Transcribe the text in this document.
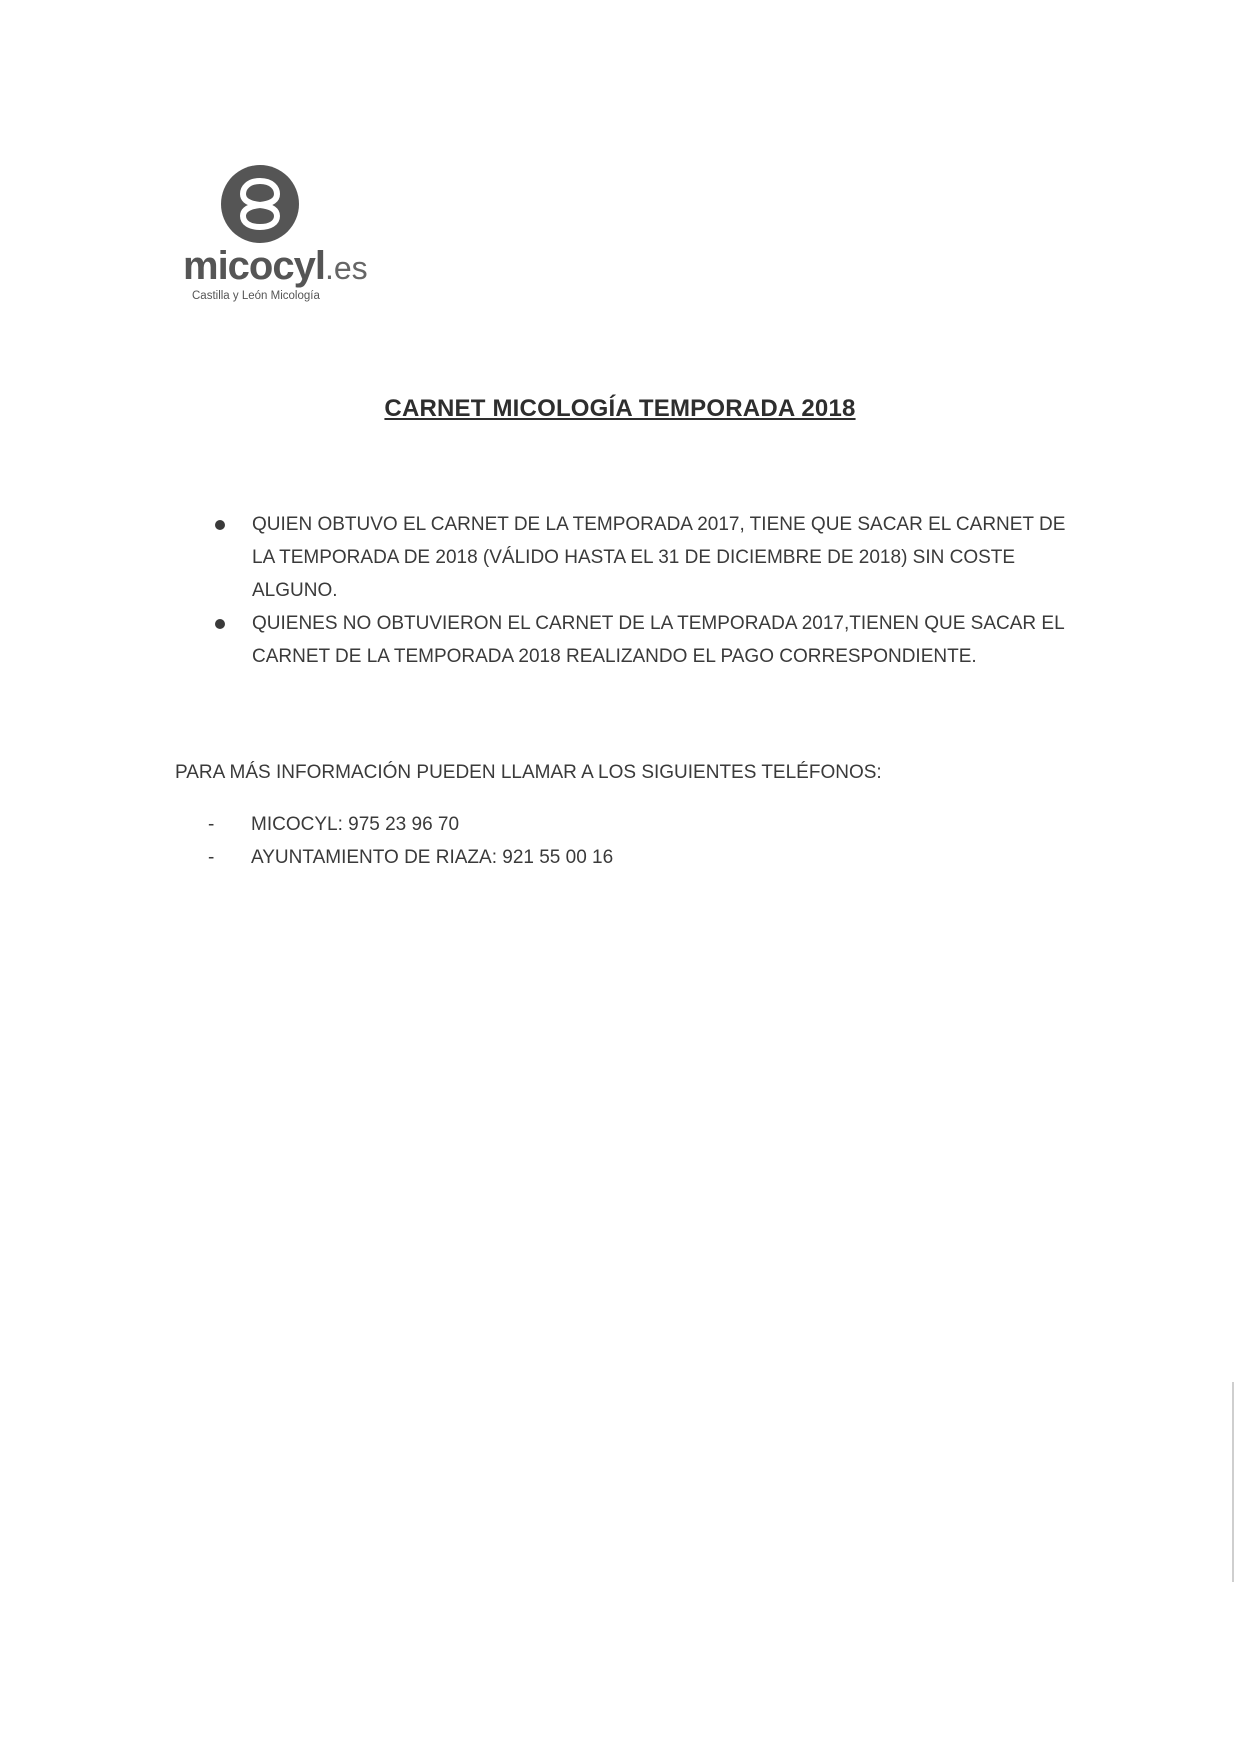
micocyl.es
Castilla y León Micología
CARNET MICOLOGÍA TEMPORADA 2018
QUIEN OBTUVO EL CARNET DE LA TEMPORADA 2017, TIENE QUE SACAR EL CARNET DE LA TEMPORADA DE 2018 (VÁLIDO HASTA EL 31 DE DICIEMBRE DE 2018) SIN COSTE ALGUNO.
QUIENES NO OBTUVIERON EL CARNET DE LA TEMPORADA 2017,TIENEN QUE SACAR EL CARNET DE LA TEMPORADA 2018 REALIZANDO EL PAGO CORRESPONDIENTE.
PARA MÁS INFORMACIÓN PUEDEN LLAMAR A LOS SIGUIENTES TELÉFONOS:
- MICOCYL: 975 23 96 70
- AYUNTAMIENTO DE RIAZA: 921 55 00 16
